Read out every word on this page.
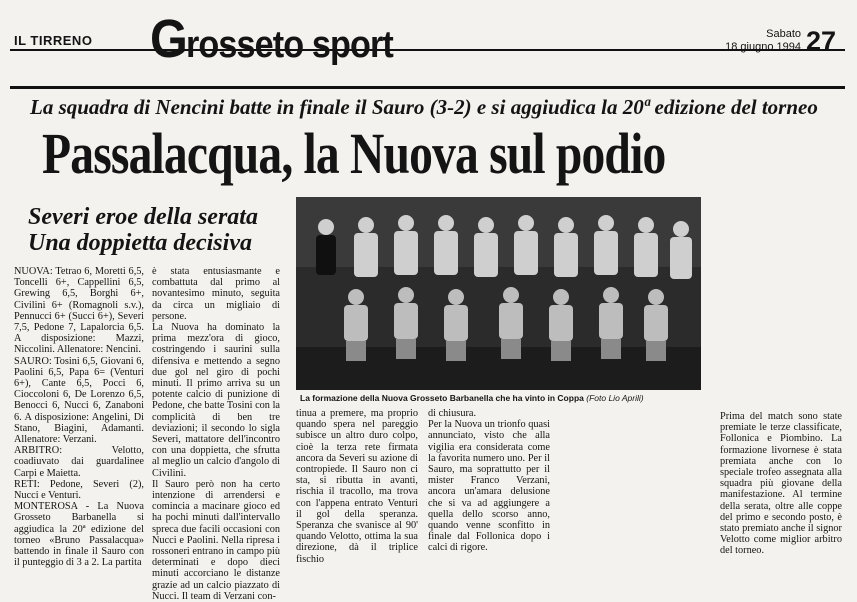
IL TIRRENO Grosseto sport	Sabato
18 giugno 1994 27
La squadra di Nencini batte in finale il Sauro (3-2) e si aggiudica la 20ª edizione del torneo
Passalacqua, la Nuova sul podio
Severi eroe della serata
Una doppietta decisiva

NUOVA: Tetrao 6, Moretti 6,5, Toncelli 6+, Cappellini 6,5, Grewing 6,5, Borghi 6+, Civilini 6+ (Romagnoli s.v.), Pennucci 6+ (Succi 6+), Severi 7,5, Pedone 7, Lapalorcia 6,5. A disposizione: Mazzi, Niccolini. Allenatore: Nencini.

SAURO: Tosini 6,5, Giovani 6, Paolini 6,5, Papa 6= (Venturi 6+), Cante 6,5, Pocci 6, Cioccoloni 6, De Lorenzo 6,5, Benocci 6, Nucci 6, Zanaboni 6. A disposizione: Angelini, Di Stano, Biagini, Adamanti. Allenatore: Verzani.

ARBITRO: Velotto, coadiuvato dai guardalinee Carpi e Maietta.

RETI: Pedone, Severi (2), Nucci e Venturi.

MONTEROSA - La Nuova Grosseto Barbanella si aggiudica la 20ª edizione del torneo «Bruno Passalacqua» battendo in finale il Sauro con il punteggio di 3 a 2. La partita

è stata entusiasmante e combattuta dal primo al novantesimo minuto, seguita da circa un migliaio di persone.

La Nuova ha dominato la prima mezz'ora di gioco, costringendo i saurini sulla difensiva e mettendo a segno due gol nel giro di pochi minuti. Il primo arriva su un potente calcio di punizione di Pedone, che batte Tosini con la complicità di ben tre deviazioni; il secondo lo sigla Severi, mattatore dell'incontro con una doppietta, che sfrutta al meglio un calcio d'angolo di Civilini.

Il Sauro però non ha certo intenzione di arrendersi e comincia a macinare gioco ed ha pochi minuti dall'intervallo spreca due facili occasioni con Nucci e Paolini. Nella ripresa i rossoneri entrano in campo più determinati e dopo dieci minuti accorciano le distanze grazie ad un calcio piazzato di Nucci. Il team di Verzani con-

La formazione della Nuova Grosseto Barbanella che ha vinto in Coppa (Foto Lio Aprili)

tinua a premere, ma proprio quando spera nel pareggio subisce un altro duro colpo, cioè la terza rete firmata ancora da Severi su azione di contropiede. Il Sauro non ci sta, si ributta in avanti, rischia il tracollo, ma trova con l'appena entrato Venturi il gol della speranza. Speranza che svanisce al 90' quando Velotto, ottima la sua direzione, dà il triplice fischio

di chiusura.

Per la Nuova un trionfo quasi annunciato, visto che alla vigilia era considerata come la favorita numero uno. Per il Sauro, ma soprattutto per il mister Franco Verzani, ancora un'amara delusione che si va ad aggiungere a quella dello scorso anno, quando venne sconfitto in finale dal Follonica dopo i calci di rigore.

Prima del match sono state premiate le terze classificate, Follonica e Piombino. La formazione livornese è stata premiata anche con lo speciale trofeo assegnata alla squadra più giovane della manifestazione. Al termine della serata, oltre alle coppe del primo e secondo posto, è stato premiato anche il signor Velotto come miglior arbitro del torneo.
